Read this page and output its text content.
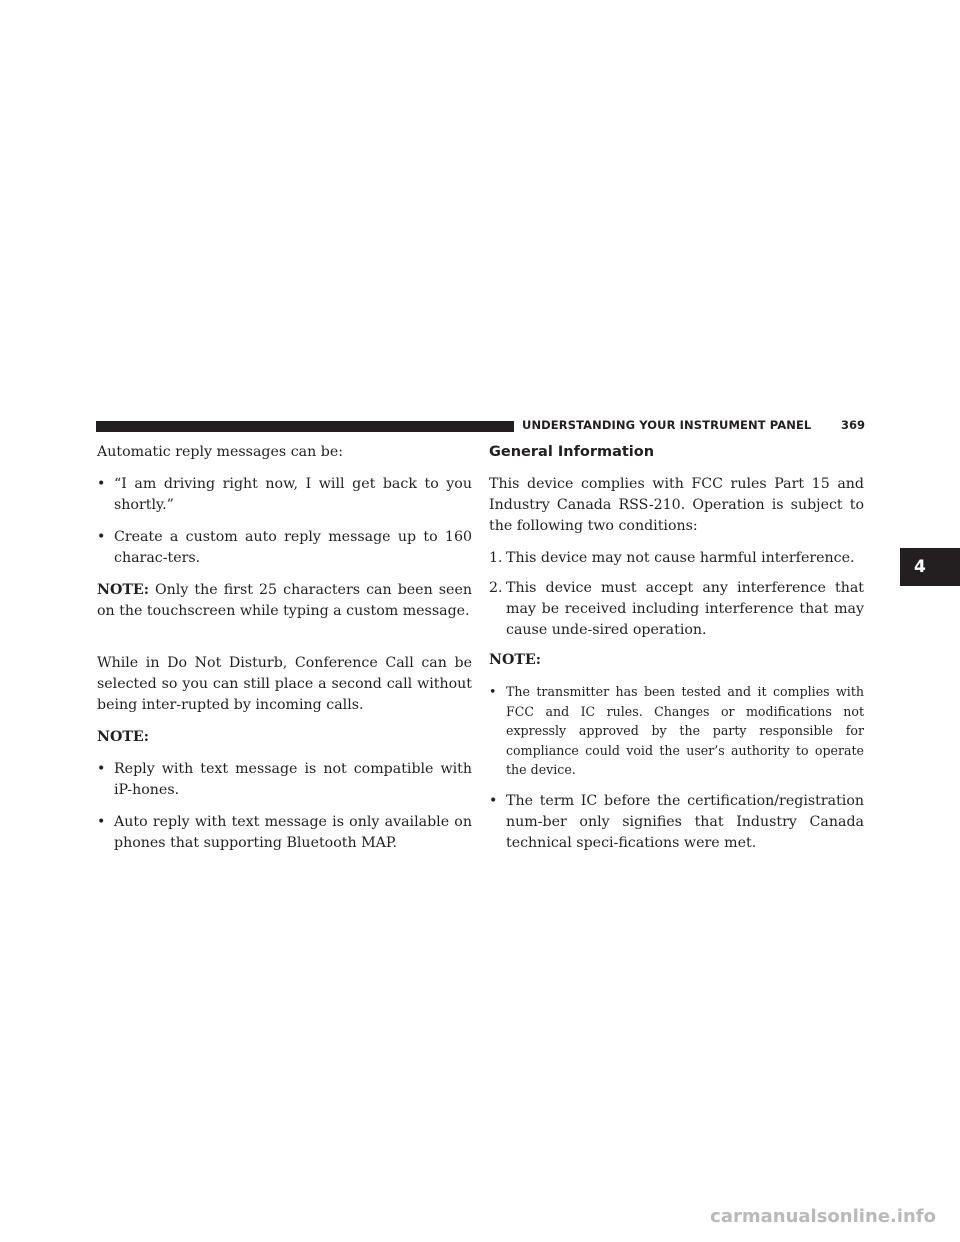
UNDERSTANDING YOUR INSTRUMENT PANEL	369
4

Automatic reply messages can be:

• “I am driving right now, I will get back to you shortly.”
• Create a custom auto reply message up to 160 charac-ters.

NOTE: Only the first 25 characters can been seen on the touchscreen while typing a custom message.

While in Do Not Disturb, Conference Call can be selected so you can still place a second call without being inter-rupted by incoming calls.

NOTE:

• Reply with text message is not compatible with iP-hones.
• Auto reply with text message is only available on phones that supporting Bluetooth MAP.
General Information

This device complies with FCC rules Part 15 and Industry Canada RSS-210. Operation is subject to the following two conditions:

1. This device may not cause harmful interference.
2. This device must accept any interference that may be received including interference that may cause unde-sired operation.

NOTE:

• The transmitter has been tested and it complies with FCC and IC rules. Changes or modifications not expressly approved by the party responsible for compliance could void the user’s authority to operate the device.
• The term IC before the certification/registration num-ber only signifies that Industry Canada technical speci-fications were met.
carmanualsonline.info
